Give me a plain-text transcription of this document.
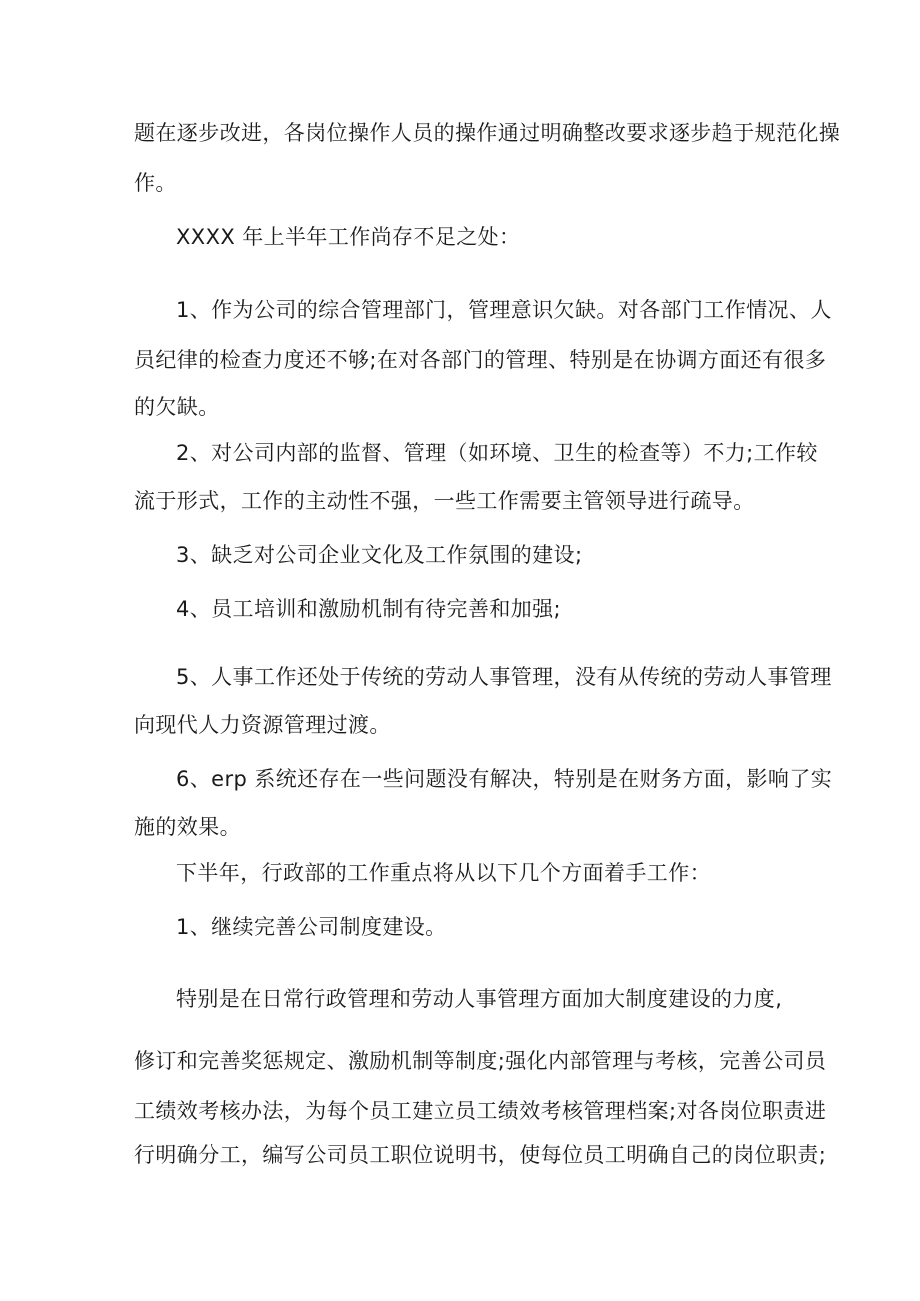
题在逐步改进，各岗位操作人员的操作通过明确整改要求逐步趋于规范化操
作。
XXXX 年上半年工作尚存不足之处：
1、作为公司的综合管理部门，管理意识欠缺。对各部门工作情况、人
员纪律的检查力度还不够;在对各部门的管理、特别是在协调方面还有很多
的欠缺。
2、对公司内部的监督、管理（如环境、卫生的检查等）不力;工作较
流于形式，工作的主动性不强，一些工作需要主管领导进行疏导。
3、缺乏对公司企业文化及工作氛围的建设;
4、员工培训和激励机制有待完善和加强;
5、人事工作还处于传统的劳动人事管理，没有从传统的劳动人事管理
向现代人力资源管理过渡。
6、erp 系统还存在一些问题没有解决，特别是在财务方面，影响了实
施的效果。
下半年，行政部的工作重点将从以下几个方面着手工作：
1、继续完善公司制度建设。
特别是在日常行政管理和劳动人事管理方面加大制度建设的力度,
修订和完善奖惩规定、激励机制等制度;强化内部管理与考核，完善公司员
工绩效考核办法，为每个员工建立员工绩效考核管理档案;对各岗位职责进
行明确分工，编写公司员工职位说明书，使每位员工明确自己的岗位职责;
